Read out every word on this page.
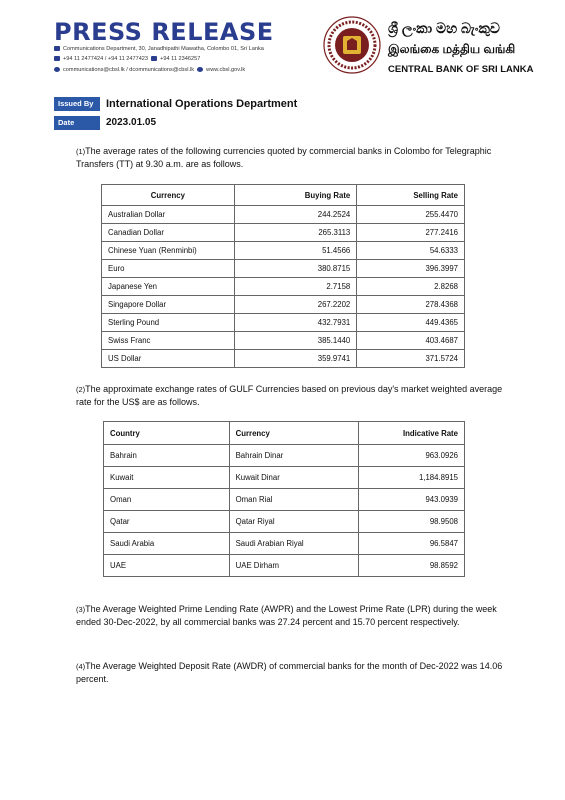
PRESS RELEASE
Communications Department, 30, Janadhipathi Mawatha, Colombo 01, Sri Lanka
+94 11 2477424 / +94 11 2477423 +94 11 2346257
communications@cbsl.lk / dcommunications@cbsl.lk www.cbsl.gov.lk
ශ්‍රී ලංකා මහ බැංකුව
இலங்கை மத்திய வங்கி
CENTRAL BANK OF SRI LANKA
Issued By	International Operations Department
Date	2023.01.05
(1)The average rates of the following currencies quoted by commercial banks in Colombo for Telegraphic Transfers (TT) at 9.30 a.m. are as follows.
Currency	Buying Rate	Selling Rate
Australian Dollar	244.2524	255.4470
Canadian Dollar	265.3113	277.2416
Chinese Yuan (Renminbi)	51.4566	54.6333
Euro	380.8715	396.3997
Japanese Yen	2.7158	2.8268
Singapore Dollar	267.2202	278.4368
Sterling Pound	432.7931	449.4365
Swiss Franc	385.1440	403.4687
US Dollar	359.9741	371.5724
(2)The approximate exchange rates of GULF Currencies based on previous day's market weighted average rate for the US$ are as follows.
Country	Currency	Indicative Rate
Bahrain	Bahrain Dinar	963.0926
Kuwait	Kuwait Dinar	1,184.8915
Oman	Oman Rial	943.0939
Qatar	Qatar Riyal	98.9508
Saudi Arabia	Saudi Arabian Riyal	96.5847
UAE	UAE Dirham	98.8592
(3)The Average Weighted Prime Lending Rate (AWPR) and the Lowest Prime Rate (LPR) during the week ended 30-Dec-2022, by all commercial banks was 27.24 percent and 15.70 percent respectively.
(4)The Average Weighted Deposit Rate (AWDR) of commercial banks for the month of Dec-2022 was 14.06 percent.
